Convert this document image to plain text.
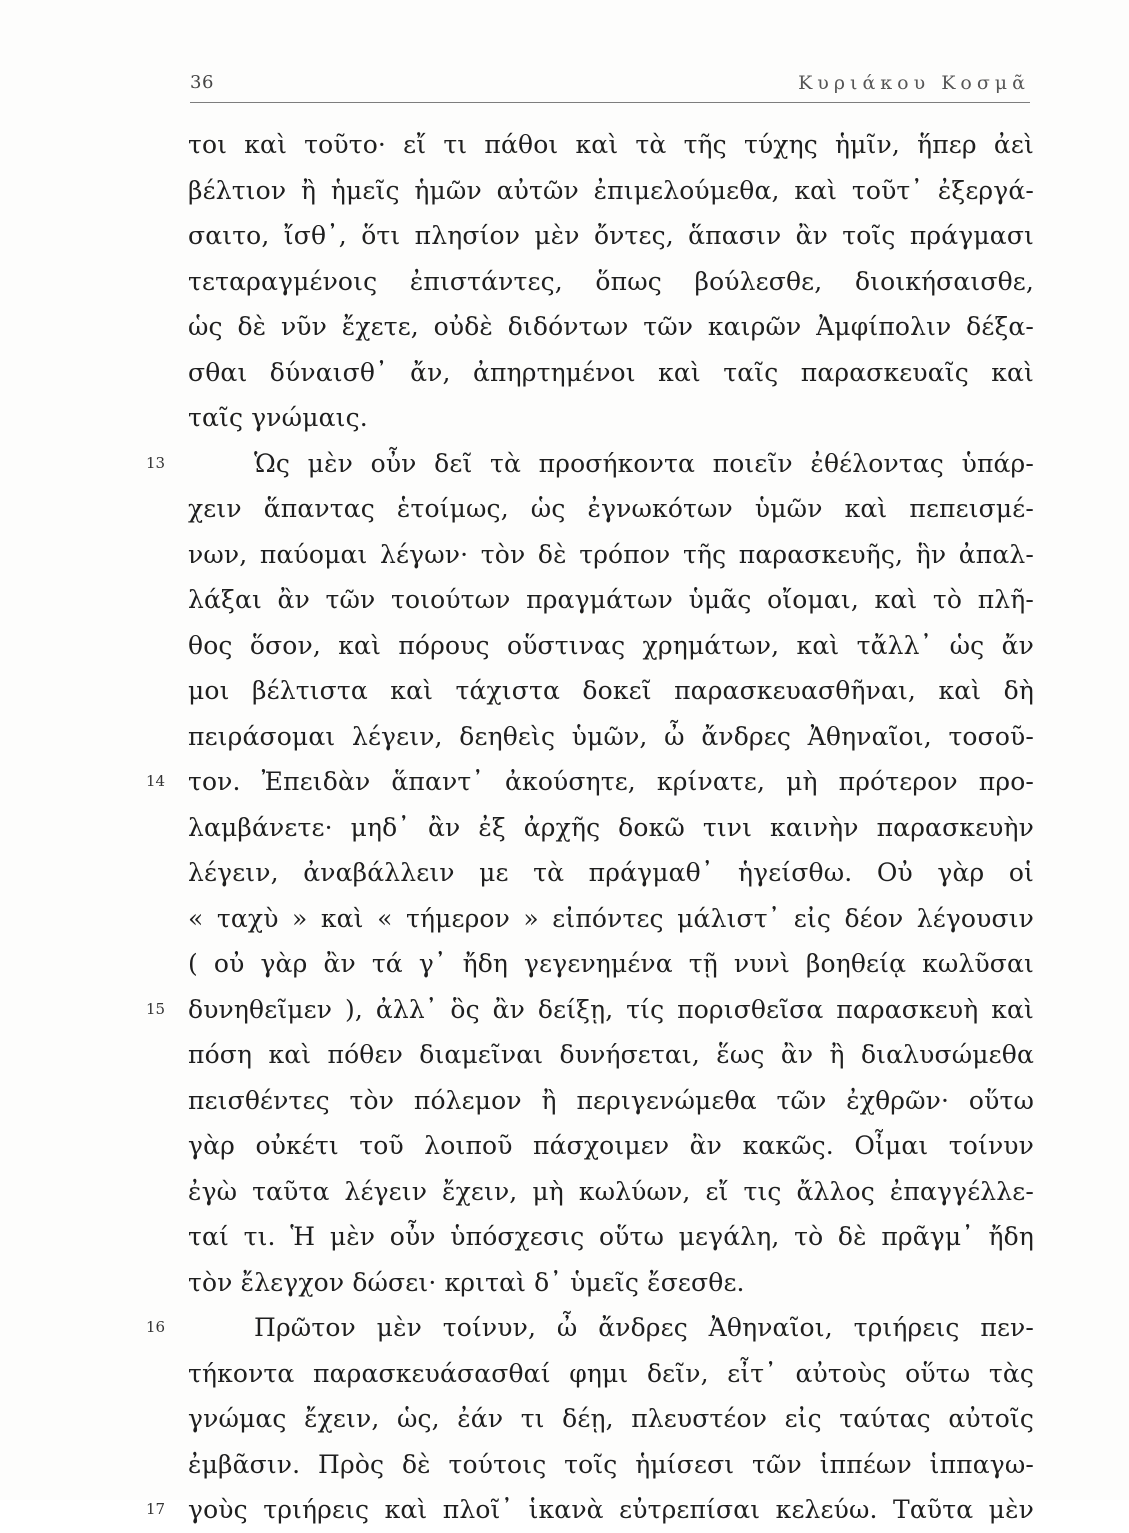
36	Κυριάκου Κοσμᾶ
τοι καὶ τοῦτο· εἴ τι πάθοι καὶ τὰ τῆς τύχης ἡμῖν, ἥπερ ἀεὶ
βέλτιον ἢ ἡμεῖς ἡμῶν αὐτῶν ἐπιμελούμεθα, καὶ τοῦτ᾽ ἐξεργά-
σαιτο, ἴσθ᾽, ὅτι πλησίον μὲν ὄντες, ἅπασιν ἂν τοῖς πράγμασι
τεταραγμένοις ἐπιστάντες, ὅπως βούλεσθε, διοικήσαισθε,
ὡς δὲ νῦν ἔχετε, οὐδὲ διδόντων τῶν καιρῶν Ἀμφίπολιν δέξα-
σθαι δύναισθ᾽ ἄν, ἀπηρτημένοι καὶ ταῖς παρασκευαῖς καὶ
ταῖς γνώμαις.
13	Ὡς μὲν οὖν δεῖ τὰ προσήκοντα ποιεῖν ἐθέλοντας ὑπάρ-
χειν ἅπαντας ἑτοίμως, ὡς ἐγνωκότων ὑμῶν καὶ πεπεισμέ-
νων, παύομαι λέγων· τὸν δὲ τρόπον τῆς παρασκευῆς, ἣν ἀπαλ-
λάξαι ἂν τῶν τοιούτων πραγμάτων ὑμᾶς οἴομαι, καὶ τὸ πλῆ-
θος ὅσον, καὶ πόρους οὕστινας χρημάτων, καὶ τἄλλ᾽ ὡς ἄν
μοι βέλτιστα καὶ τάχιστα δοκεῖ παρασκευασθῆναι, καὶ δὴ
πειράσομαι λέγειν, δεηθεὶς ὑμῶν, ὦ ἄνδρες Ἀθηναῖοι, τοσοῦ-
14 τον. Ἐπειδὰν ἅπαντ᾽ ἀκούσητε, κρίνατε, μὴ πρότερον προ-
λαμβάνετε· μηδ᾽ ἂν ἐξ ἀρχῆς δοκῶ τινι καινὴν παρασκευὴν
λέγειν, ἀναβάλλειν με τὰ πράγμαθ᾽ ἡγείσθω. Οὐ γὰρ οἱ
« ταχὺ » καὶ « τήμερον » εἰπόντες μάλιστ᾽ εἰς δέον λέγουσιν
( οὐ γὰρ ἂν τά γ᾽ ἤδη γεγενημένα τῇ νυνὶ βοηθείᾳ κωλῦσαι
15 δυνηθεῖμεν ), ἀλλ᾽ ὃς ἂν δείξῃ, τίς πορισθεῖσα παρασκευὴ καὶ
πόση καὶ πόθεν διαμεῖναι δυνήσεται, ἕως ἂν ἢ διαλυσώμεθα
πεισθέντες τὸν πόλεμον ἢ περιγενώμεθα τῶν ἐχθρῶν· οὕτω
γὰρ οὐκέτι τοῦ λοιποῦ πάσχοιμεν ἂν κακῶς. Οἶμαι τοίνυν
ἐγὼ ταῦτα λέγειν ἔχειν, μὴ κωλύων, εἴ τις ἄλλος ἐπαγγέλλε-
ταί τι. Ἡ μὲν οὖν ὑπόσχεσις οὕτω μεγάλη, τὸ δὲ πρᾶγμ᾽ ἤδη
τὸν ἔλεγχον δώσει· κριταὶ δ᾽ ὑμεῖς ἔσεσθε.
16	Πρῶτον μὲν τοίνυν, ὦ ἄνδρες Ἀθηναῖοι, τριήρεις πεν-
τήκοντα παρασκευάσασθαί φημι δεῖν, εἶτ᾽ αὐτοὺς οὕτω τὰς
γνώμας ἔχειν, ὡς, ἐάν τι δέῃ, πλευστέον εἰς ταύτας αὐτοῖς
ἐμβᾶσιν. Πρὸς δὲ τούτοις τοῖς ἡμίσεσι τῶν ἱππέων ἱππαγω-
17 γοὺς τριήρεις καὶ πλοῖ᾽ ἱκανὰ εὐτρεπίσαι κελεύω. Ταῦτα μὲν
